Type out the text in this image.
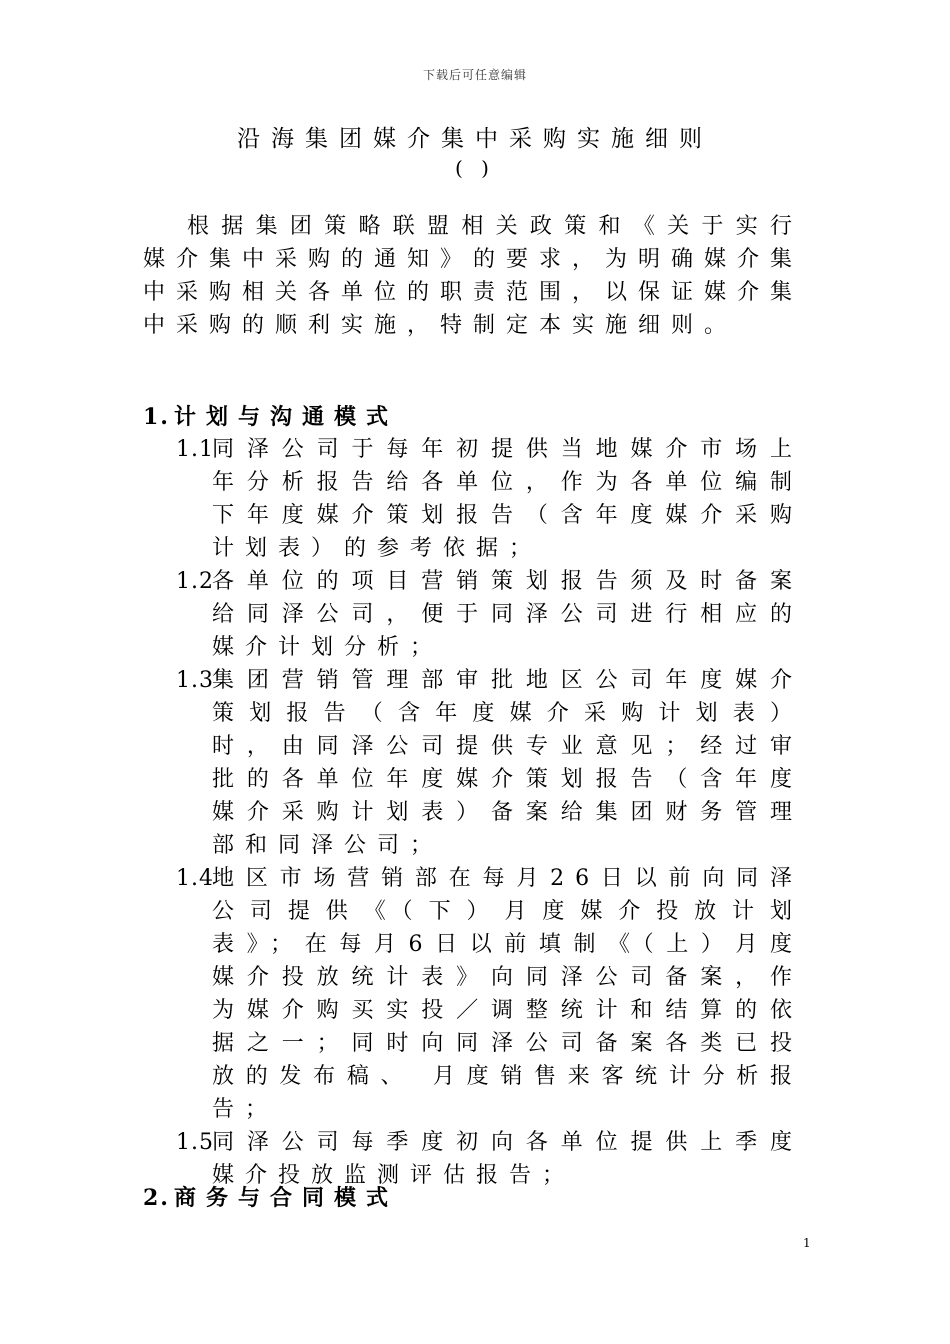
下载后可任意编辑
沿海集团媒介集中采购实施细则
( )

根据集团策略联盟相关政策和《关于实行媒介集中采购的通知》的要求，为明确媒介集中采购相关各单位的职责范围，以保证媒介集中采购的顺利实施，特制定本实施细则。

1. 计划与沟通模式
1.1
同泽公司于每年初提供当地媒介市场上年分析报告给各单位，作为各单位编制下年度媒介策划报告（含年度媒介采购计划表）的参考依据；
1.2
各单位的项目营销策划报告须及时备案给同泽公司，便于同泽公司进行相应的媒介计划分析；
1.3
集团营销管理部审批地区公司年度媒介策划报告（含年度媒介采购计划表）时，由同泽公司提供专业意见；经过审批的各单位年度媒介策划报告（含年度媒介采购计划表）备案给集团财务管理部和同泽公司；
1.4
地区市场营销部在每月26日以前向同泽公司提供《（下）月度媒介投放计划表》；在每月6日以前填制《（上）月度媒介投放统计表》向同泽公司备案，作为媒介购买实投／调整统计和结算的依据之一；同时向同泽公司备案各类已投放的发布稿、 月度销售来客统计分析报告；
1.5
同泽公司每季度初向各单位提供上季度媒介投放监测评估报告；
2. 商务与合同模式
1
